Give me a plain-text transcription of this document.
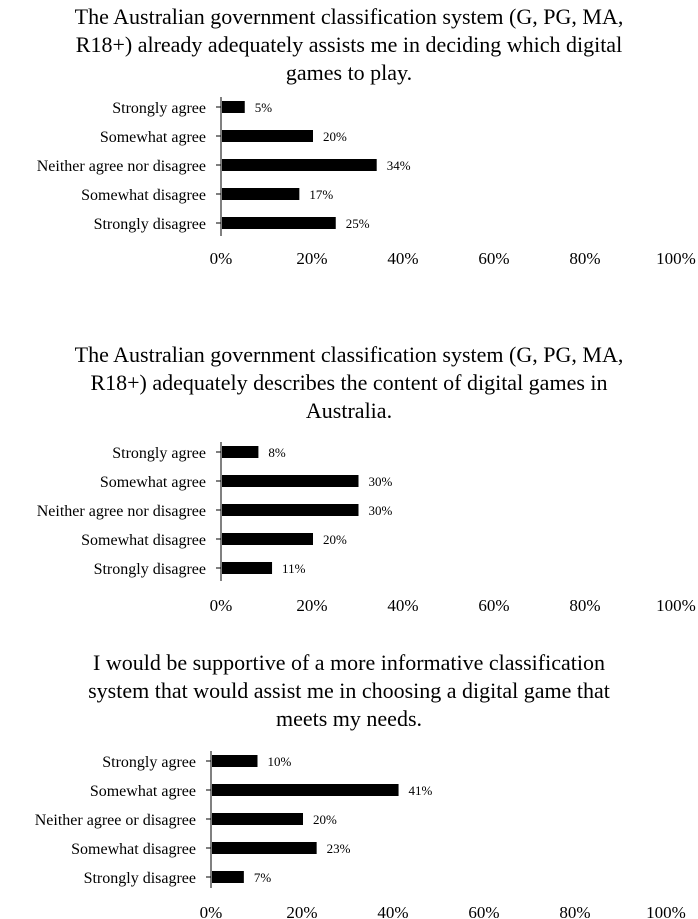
The Australian government classification system (G, PG, MA,
R18+) already adequately assists me in deciding which digital
games to play.
Strongly agree	5%
Somewhat agree	20%
Neither agree nor disagree	34%
Somewhat disagree	17%
Strongly disagree	25%
0%	20%	40%	60%	80%	100%
The Australian government classification system (G, PG, MA,
R18+) adequately describes the content of digital games in
Australia.
Strongly agree	8%
Somewhat agree	30%
Neither agree nor disagree	30%
Somewhat disagree	20%
Strongly disagree	11%
0%	20%	40%	60%	80%	100%
I would be supportive of a more informative classification
system that would assist me in choosing a digital game that
meets my needs.
Strongly agree	10%
Somewhat agree	41%
Neither agree or disagree	20%
Somewhat disagree	23%
Strongly disagree	7%
0%	20%	40%	60%	80%	100%
